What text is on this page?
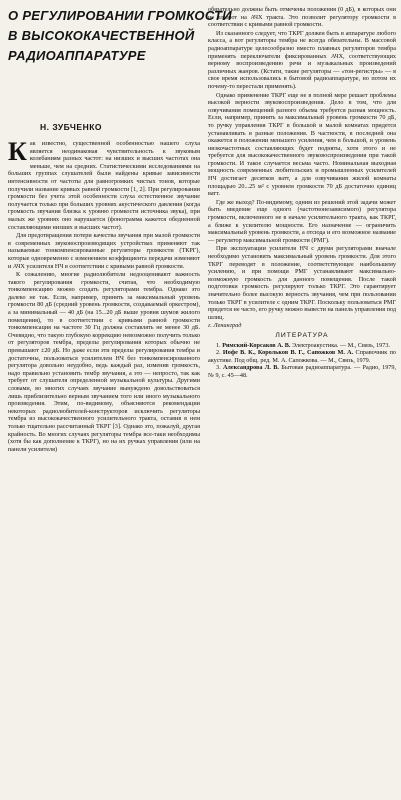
О РЕГУЛИРОВАНИИ ГРОМКОСТИ
В ВЫСОКОКАЧЕСТВЕННОЙ
РАДИОАППАРАТУРЕ

Н. ЗУБЧЕНКО

Как известно, существенной особенностью нашего слуха является неодинаковая чувствительность к звуковым колебаниям разных частот: на низших и высших частотах она меньше, чем на средних. Статистическими исследованиями на больших группах слушателей были найдены кривые зависимости интенсивности от частоты для равногромких чистых тонов, которые получили название кривых равной громкости [1, 2]. При регулировании громкости без учета этой особенности слуха естественное звучание получается только при больших уровнях акустического давления (когда громкость звучания близка к уровню громкости источника звука), при малых же уровнях оно нарушается (фонограмма кажется обедненной составляющими низших и высших частот).

Для предотвращения потери качества звучания при малой громкости в современных звуковоспроизводящих устройствах применяют так называемые тонкомпенсированные регуляторы громкости (ТКРГ), которые одновременно с изменением коэффициента передачи изменяют и АЧХ усилителя НЧ в соответствии с кривыми равной громкости.

К сожалению, многие радиолюбители недооценивают важность такого регулирования громкости, считая, что необходимую тонкомпенсацию можно создать регуляторами тембра. Однако это далеко не так. Если, например, принять за максимальный уровень громкости 80 дБ (средний уровень громкости, создаваемый оркестром), а за минимальный — 40 дБ (на 15...20 дБ выше уровня шумов жилого помещения), то в соответствии с кривыми равной громкости тонкомпенсация на частоте 30 Гц должна составлять не менее 30 дБ. Очевидно, что такую глубокую коррекцию невозможно получить только от регуляторов тембра, пределы регулирования которых обычно не превышают ±20 дБ. Но даже если эти пределы регулирования тембра и достаточны, пользоваться усилителем НЧ без тонкомпенсированного регулятора довольно неудобно, ведь каждый раз, изменив громкость, надо правильно установить тембр звучания, а это — непросто, так как требует от слушателя определенной музыкальной культуры. Другими словами, во многих случаях звучание вынуждено довольствоваться лишь приблизительно верным звучанием того или иного музыкального произведения. Этим, по-видимому, объясняются рекомендации некоторых радиолюбителей-конструкторов исключить регуляторы тембра из высококачественного усилительного тракта, оставив в нем только тщательно рассчитанный ТКРГ [3]. Однако это, пожалуй, другая крайность. Во многих случаях регуляторы тембра все-таки необходимы (хотя бы как дополнение к ТКРГ), но на их ручках управления (или на панели усилителя)

обязательно должны быть отмечены положения (0 дБ), в которых они не влияют на АЧХ тракта. Это позволит регулятору громкости в соответствии с кривыми равной громкости.

Из сказанного следует, что ТКРГ должен быть в аппаратуре любого класса, а вот регуляторы тембра не всегда обязательны. В массовой радиоаппаратуре целесообразно вместо плавных регуляторов тембра применять переключатели фиксированных АЧХ, соответствующих верному воспроизведению речи и музыкальных произведений различных жанров. (Кстати, такие регуляторы — «тон-регистры» — в свое время использовались в бытовой радиоаппаратуре, но потом их почему-то перестали применять).

Однако применение ТКРГ еще не в полной мере решает проблемы высокой верности звуковоспроизведения. Дело в том, что для озвучивания помещений разного объема требуется разная мощность. Если, например, принять за максимальный уровень громкости 70 дБ, то ручку управления ТКРГ в большой и малой комнатах придется устанавливать в разные положения. В частности, в последней она окажется в положении меньшего усиления, чем в большой, и уровень низкочастотных составляющих будет подняты, хотя этого и не требуется для высококачественного звуковоспроизведения при такой громкости. И такое случается весьма часто. Номинальная выходная мощность современных любительских и промышленных усилителей НЧ достигает десятков ватт, а для озвучивания жилой комнаты площадью 20...25 м² с уровнем громкости 70 дБ достаточно единиц ватт.

Где же выход? По-видимому, одним из решений этой задачи может быть введение еще одного (частотнонезависимого) регулятора громкости, включенного не в начале усилительного тракта, как ТКРГ, а ближе к усилителю мощности. Его назначение — ограничить максимальный уровень громкости, а отсюда и его возможное название — регулятор максимальной громкости (РМГ).

При эксплуатации усилителя НЧ с двумя регуляторами вначале необходимо установить максимальный уровень громкости. Для этого ТКРГ переводят в положение, соответствующее наибольшему усилению, и при помощи РМГ устанавливают максимально-возможную громкость для данного помещения. После такой подготовки громкость регулируют только ТКРГ. Это гарантирует значительно более высокую верность звучания, чем при пользовании только ТКРГ в усилителе с одним ТКРГ. Поскольку пользоваться РМГ придется не часто, его ручку можно вывести на панель управления под шлиц.

г. Ленинград

ЛИТЕРАТУРА
1. Римский-Корсаков А. В. Электроакустика. — М., Связь, 1973.
2. Иофе В. К., Корольков В. Г., Сапожков М. А. Справочник по акустике. Под общ. ред. М. А. Сапожкова. — М., Связь, 1979.
3. Александрова Л. В. Бытовая радиоаппаратура. — Радио, 1979, № 9, с. 45—48.
